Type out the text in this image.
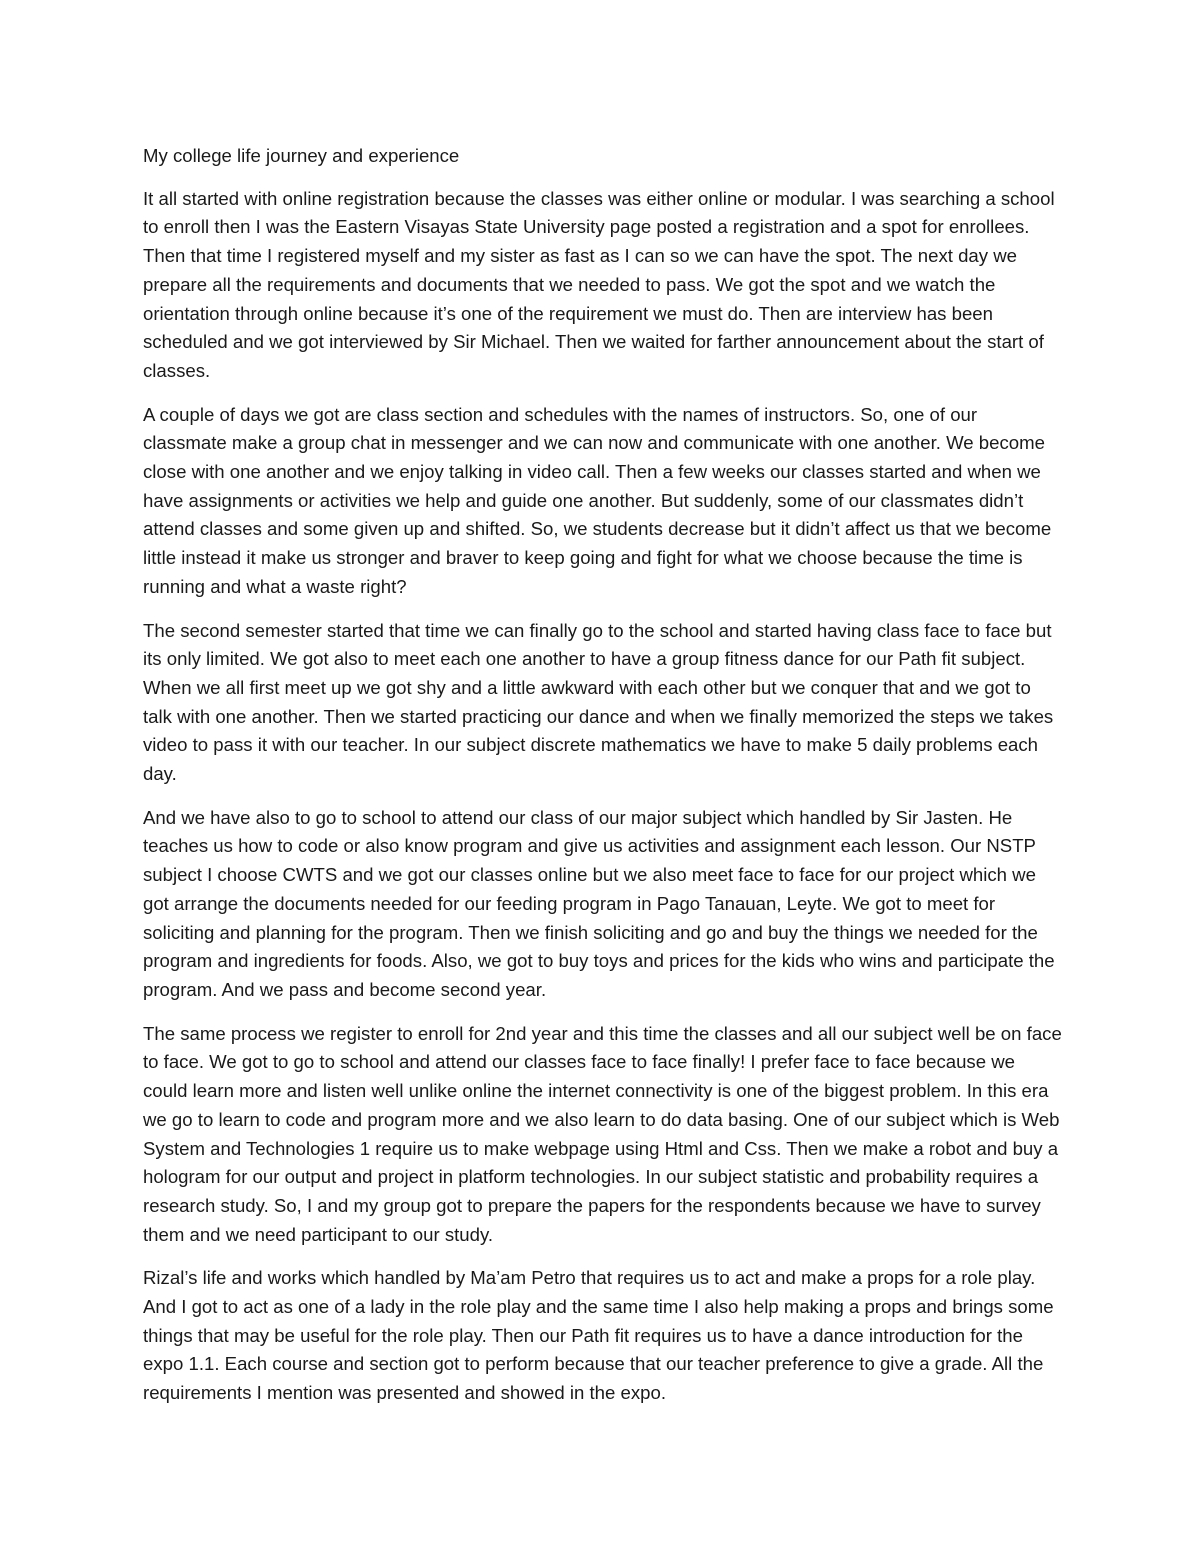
My college life journey and experience

It all started with online registration because the classes was either online or modular. I was searching a school to enroll then I was the Eastern Visayas State University page posted a registration and a spot for enrollees. Then that time I registered myself and my sister as fast as I can so we can have the spot. The next day we prepare all the requirements and documents that we needed to pass. We got the spot and we watch the orientation through online because it’s one of the requirement we must do. Then are interview has been scheduled and we got interviewed by Sir Michael. Then we waited for farther announcement about the start of classes.

A couple of days we got are class section and schedules with the names of instructors. So, one of our classmate make a group chat in messenger and we can now and communicate with one another. We become close with one another and we enjoy talking in video call. Then a few weeks our classes started and when we have assignments or activities we help and guide one another. But suddenly, some of our classmates didn’t attend classes and some given up and shifted. So, we students decrease but it didn’t affect us that we become little instead it make us stronger and braver to keep going and fight for what we choose because the time is running and what a waste right?

The second semester started that time we can finally go to the school and started having class face to face but its only limited. We got also to meet each one another to have a group fitness dance for our Path fit subject. When we all first meet up we got shy and a little awkward with each other but we conquer that and we got to talk with one another. Then we started practicing our dance and when we finally memorized the steps we takes video to pass it with our teacher. In our subject discrete mathematics we have to make 5 daily problems each day.

And we have also to go to school to attend our class of our major subject which handled by Sir Jasten. He teaches us how to code or also know program and give us activities and assignment each lesson. Our NSTP subject I choose CWTS and we got our classes online but we also meet face to face for our project which we got arrange the documents needed for our feeding program in Pago Tanauan, Leyte. We got to meet for soliciting and planning for the program. Then we finish soliciting and go and buy the things we needed for the program and ingredients for foods. Also, we got to buy toys and prices for the kids who wins and participate the program. And we pass and become second year.

The same process we register to enroll for 2nd year and this time the classes and all our subject well be on face to face. We got to go to school and attend our classes face to face finally! I prefer face to face because we could learn more and listen well unlike online the internet connectivity is one of the biggest problem. In this era we go to learn to code and program more and we also learn to do data basing. One of our subject which is Web System and Technologies 1 require us to make webpage using Html and Css. Then we make a robot and buy a hologram for our output and project in platform technologies. In our subject statistic and probability requires a research study. So, I and my group got to prepare the papers for the respondents because we have to survey them and we need participant to our study.

Rizal’s life and works which handled by Ma’am Petro that requires us to act and make a props for a role play. And I got to act as one of a lady in the role play and the same time I also help making a props and brings some things that may be useful for the role play. Then our Path fit requires us to have a dance introduction for the expo 1.1. Each course and section got to perform because that our teacher preference to give a grade. All the requirements I mention was presented and showed in the expo.
